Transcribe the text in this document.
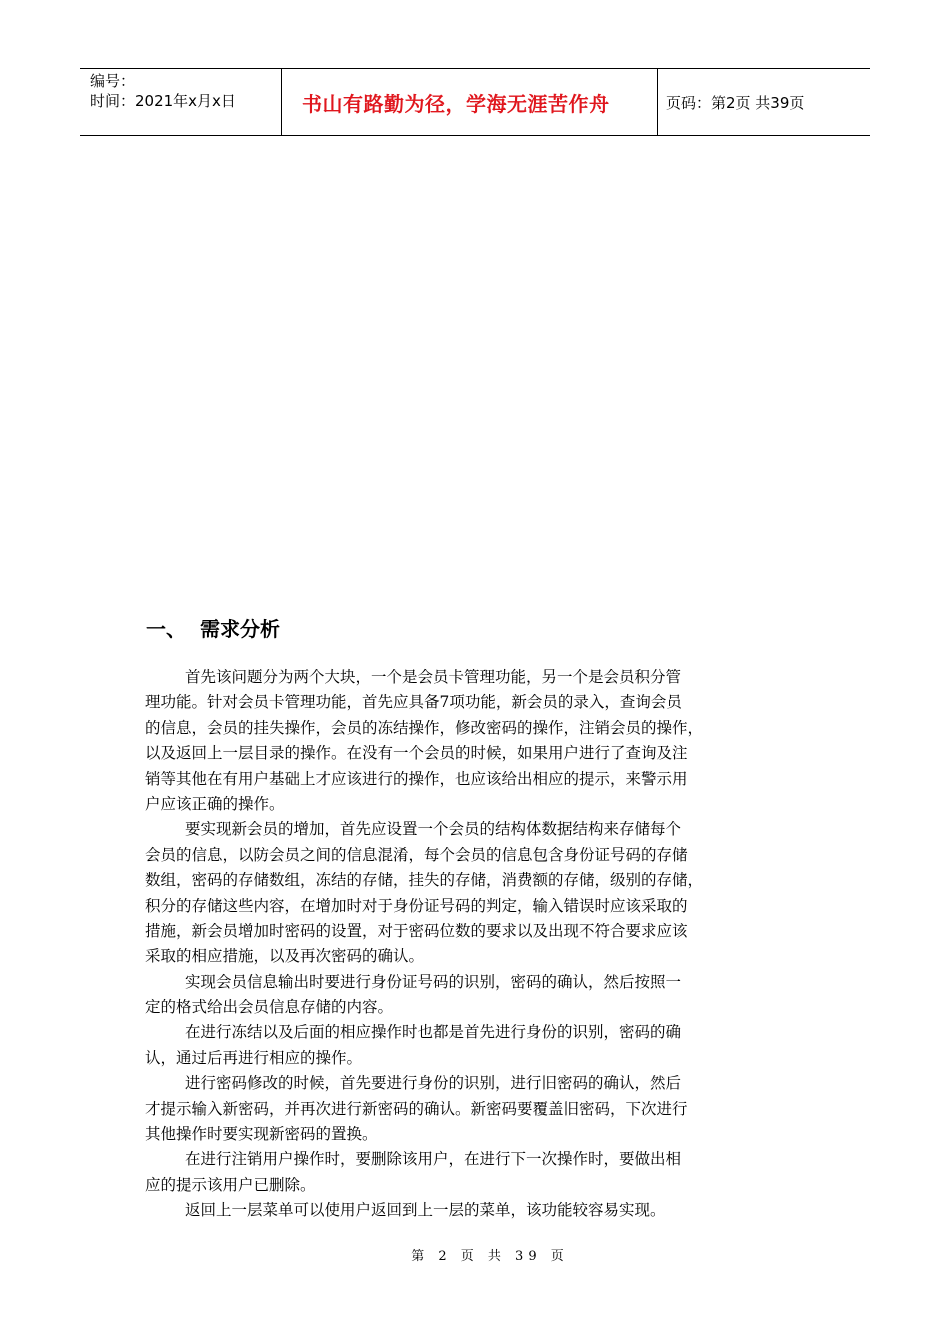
编号：
时间：2021年x月x日	书山有路勤为径，学海无涯苦作舟	页码：第2页 共39页
一、 需求分析
首先该问题分为两个大块，一个是会员卡管理功能，另一个是会员积分管
理功能。针对会员卡管理功能，首先应具备7项功能，新会员的录入，查询会员
的信息，会员的挂失操作，会员的冻结操作，修改密码的操作，注销会员的操作，
以及返回上一层目录的操作。在没有一个会员的时候，如果用户进行了查询及注
销等其他在有用户基础上才应该进行的操作，也应该给出相应的提示，来警示用
户应该正确的操作。
要实现新会员的增加，首先应设置一个会员的结构体数据结构来存储每个
会员的信息，以防会员之间的信息混淆，每个会员的信息包含身份证号码的存储
数组，密码的存储数组，冻结的存储，挂失的存储，消费额的存储，级别的存储，
积分的存储这些内容，在增加时对于身份证号码的判定，输入错误时应该采取的
措施，新会员增加时密码的设置，对于密码位数的要求以及出现不符合要求应该
采取的相应措施，以及再次密码的确认。
实现会员信息输出时要进行身份证号码的识别，密码的确认，然后按照一
定的格式给出会员信息存储的内容。
在进行冻结以及后面的相应操作时也都是首先进行身份的识别，密码的确
认，通过后再进行相应的操作。
进行密码修改的时候，首先要进行身份的识别，进行旧密码的确认，然后
才提示输入新密码，并再次进行新密码的确认。新密码要覆盖旧密码，下次进行
其他操作时要实现新密码的置换。
在进行注销用户操作时，要删除该用户，在进行下一次操作时，要做出相
应的提示该用户已删除。
返回上一层菜单可以使用户返回到上一层的菜单，该功能较容易实现。
第 2 页 共 39 页
